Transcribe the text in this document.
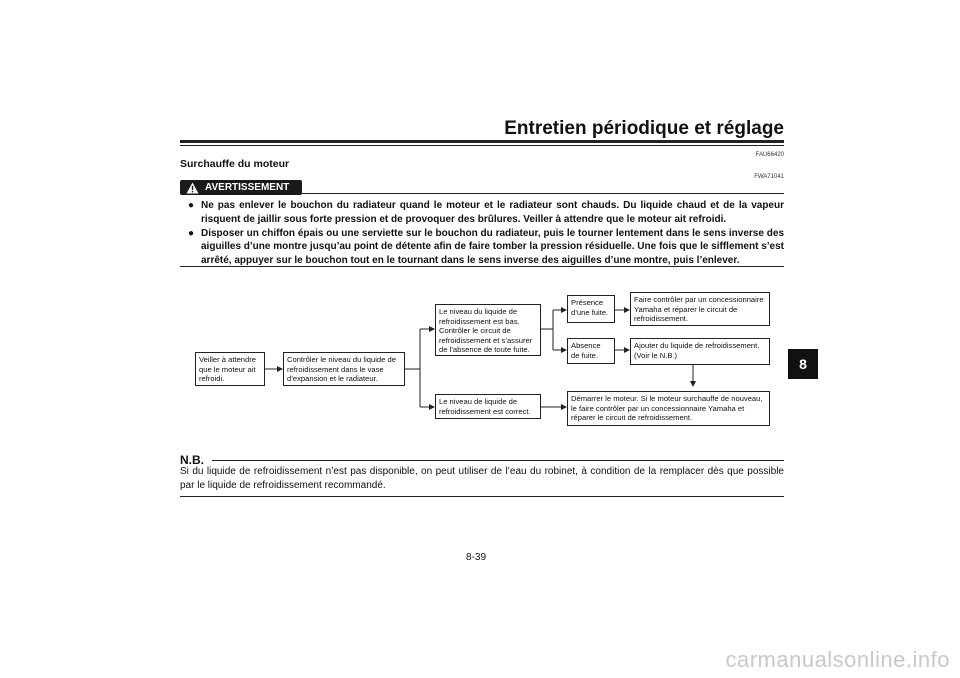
Entretien périodique et réglage
FAU66420
Surchauffe du moteur
AVERTISSEMENT
FWA71041
● Ne pas enlever le bouchon du radiateur quand le moteur et le radiateur sont chauds. Du liquide chaud et de la vapeur risquent de jaillir sous forte pression et de provoquer des brûlures. Veiller à attendre que le moteur ait refroidi.
● Disposer un chiffon épais ou une serviette sur le bouchon du radiateur, puis le tourner lentement dans le sens inverse des aiguilles d’une montre jusqu’au point de détente afin de faire tomber la pression résiduelle. Une fois que le sifflement s’est arrêté, appuyer sur le bouchon tout en le tournant dans le sens inverse des aiguilles d’une montre, puis l’enlever.
Veiller à attendre que le moteur ait refroidi.
Contrôler le niveau du liquide de refroidissement dans le vase d’expansion et le radiateur.
Le niveau du liquide de refroidissement est bas. Contrôler le circuit de refroidissement et s’assurer de l’absence de toute fuite.
Le niveau de liquide de refroidissement est correct.
Présence d’une fuite.
Absence de fuite.
Faire contrôler par un concessionnaire Yamaha et réparer le circuit de refroidissement.
Ajouter du liquide de refroidissement. (Voir le N.B.)
Démarrer le moteur. Si le moteur surchauffe de nouveau, le faire contrôler par un concessionnaire Yamaha et réparer le circuit de refroidissement.
N.B.
Si du liquide de refroidissement n’est pas disponible, on peut utiliser de l’eau du robinet, à condition de la remplacer dès que possible par le liquide de refroidissement recommandé.
8-39
8
carmanualsonline.info
